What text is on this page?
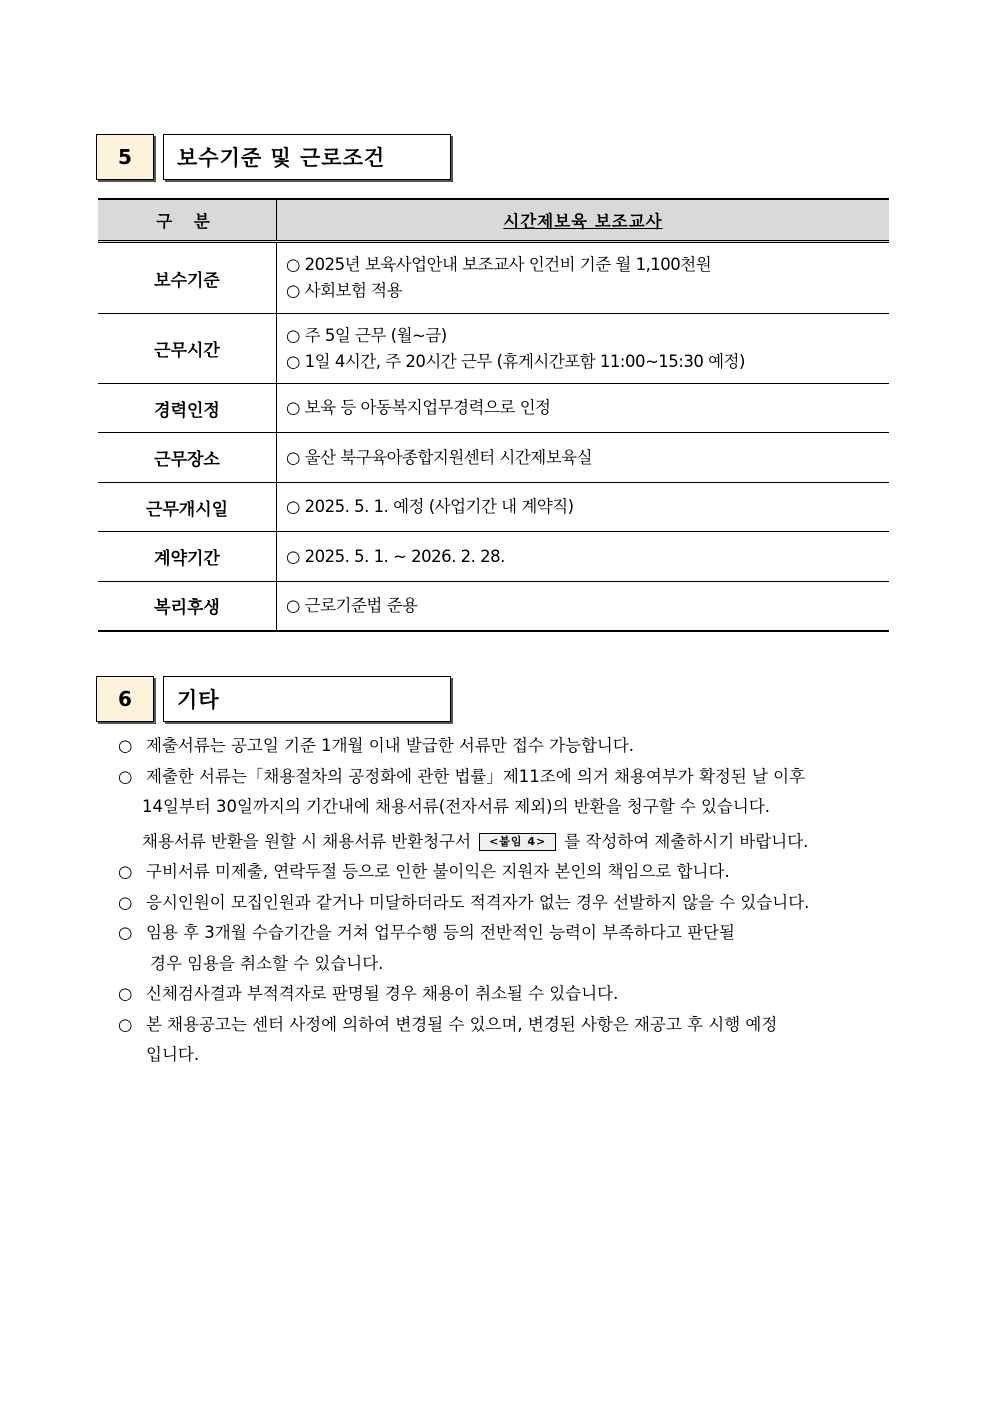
5	보수기준 및 근로조건
구 분	시간제보육 보조교사
보수기준	○ 2025년 보육사업안내 보조교사 인건비 기준 월 1,100천원
○ 사회보험 적용

근무시간	○ 주 5일 근무 (월~금)
○ 1일 4시간, 주 20시간 근무 (휴게시간포함 11:00~15:30 예정)

경력인정	○ 보육 등 아동복지업무경력으로 인정

근무장소	○ 울산 북구육아종합지원센터 시간제보육실

근무개시일	○ 2025. 5. 1. 예정 (사업기간 내 계약직)

계약기간	○ 2025. 5. 1. ~ 2026. 2. 28.

복리후생	○ 근로기준법 준용
6	기타
○ 제출서류는 공고일 기준 1개월 이내 발급한 서류만 접수 가능합니다.
○ 제출한 서류는「채용절차의 공정화에 관한 법률」제11조에 의거 채용여부가 확정된 날 이후
14일부터 30일까지의 기간내에 채용서류(전자서류 제외)의 반환을 청구할 수 있습니다.
채용서류 반환을 원할 시 채용서류 반환청구서 <붙임 4> 를 작성하여 제출하시기 바랍니다.
○ 구비서류 미제출, 연락두절 등으로 인한 불이익은 지원자 본인의 책임으로 합니다.
○ 응시인원이 모집인원과 같거나 미달하더라도 적격자가 없는 경우 선발하지 않을 수 있습니다.
○ 임용 후 3개월 수습기간을 거쳐 업무수행 등의 전반적인 능력이 부족하다고 판단될
경우 임용을 취소할 수 있습니다.
○ 신체검사결과 부적격자로 판명될 경우 채용이 취소될 수 있습니다.
○ 본 채용공고는 센터 사정에 의하여 변경될 수 있으며, 변경된 사항은 재공고 후 시행 예정
입니다.
